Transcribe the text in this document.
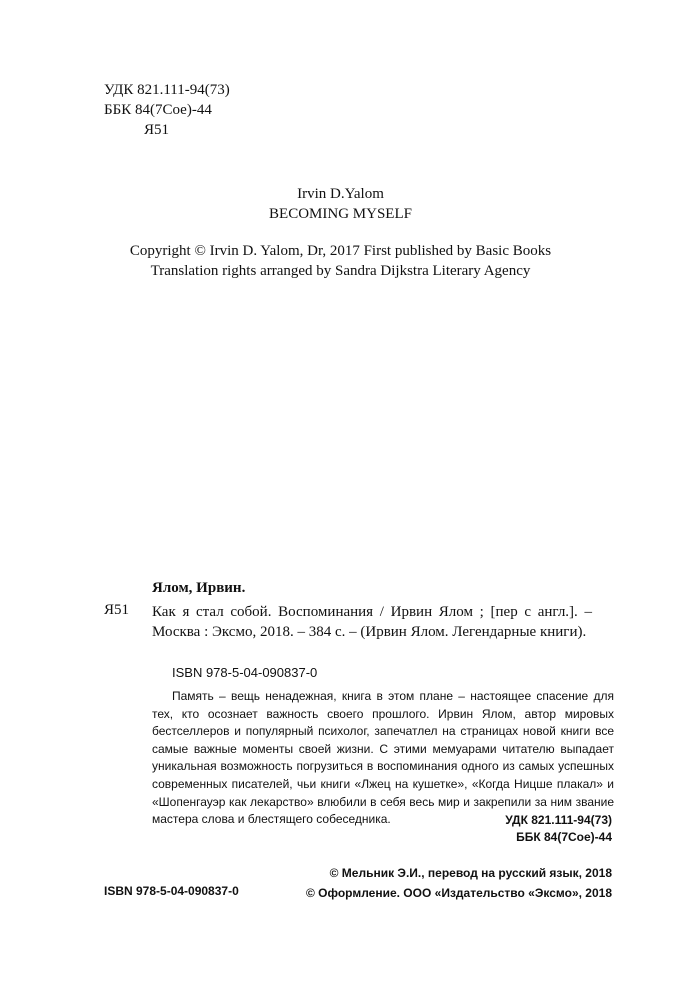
УДК 821.111-94(73)
ББК 84(7Сое)-44
Я51
Irvin D.Yalom
BECOMING MYSELF
Copyright © Irvin D. Yalom, Dr, 2017 First published by Basic Books
Translation rights arranged by Sandra Dijkstra Literary Agency
Ялом, Ирвин.
Я51 Как я стал собой. Воспоминания / Ирвин Ялом ; [пер с англ.]. – Москва : Эксмо, 2018. – 384 с. – (Ирвин Ялом. Легендарные книги).
ISBN 978-5-04-090837-0
Память – вещь ненадежная, книга в этом плане – настоящее спасение для тех, кто осознает важность своего прошлого. Ирвин Ялом, автор мировых бестселлеров и популярный психолог, запечатлел на страницах новой книги все самые важные моменты своей жизни. С этими мемуарами читателю выпадает уникальная возможность погрузиться в воспоминания одного из самых успешных современных писателей, чьи книги «Лжец на кушетке», «Когда Ницше плакал» и «Шопенгауэр как лекарство» влюбили в себя весь мир и закрепили за ним звание мастера слова и блестящего собеседника.	УДК 821.111-94(73)
ББК 84(7Сое)-44
ISBN 978-5-04-090837-0
© Мельник Э.И., перевод на русский язык, 2018
© Оформление. ООО «Издательство «Эксмо», 2018
